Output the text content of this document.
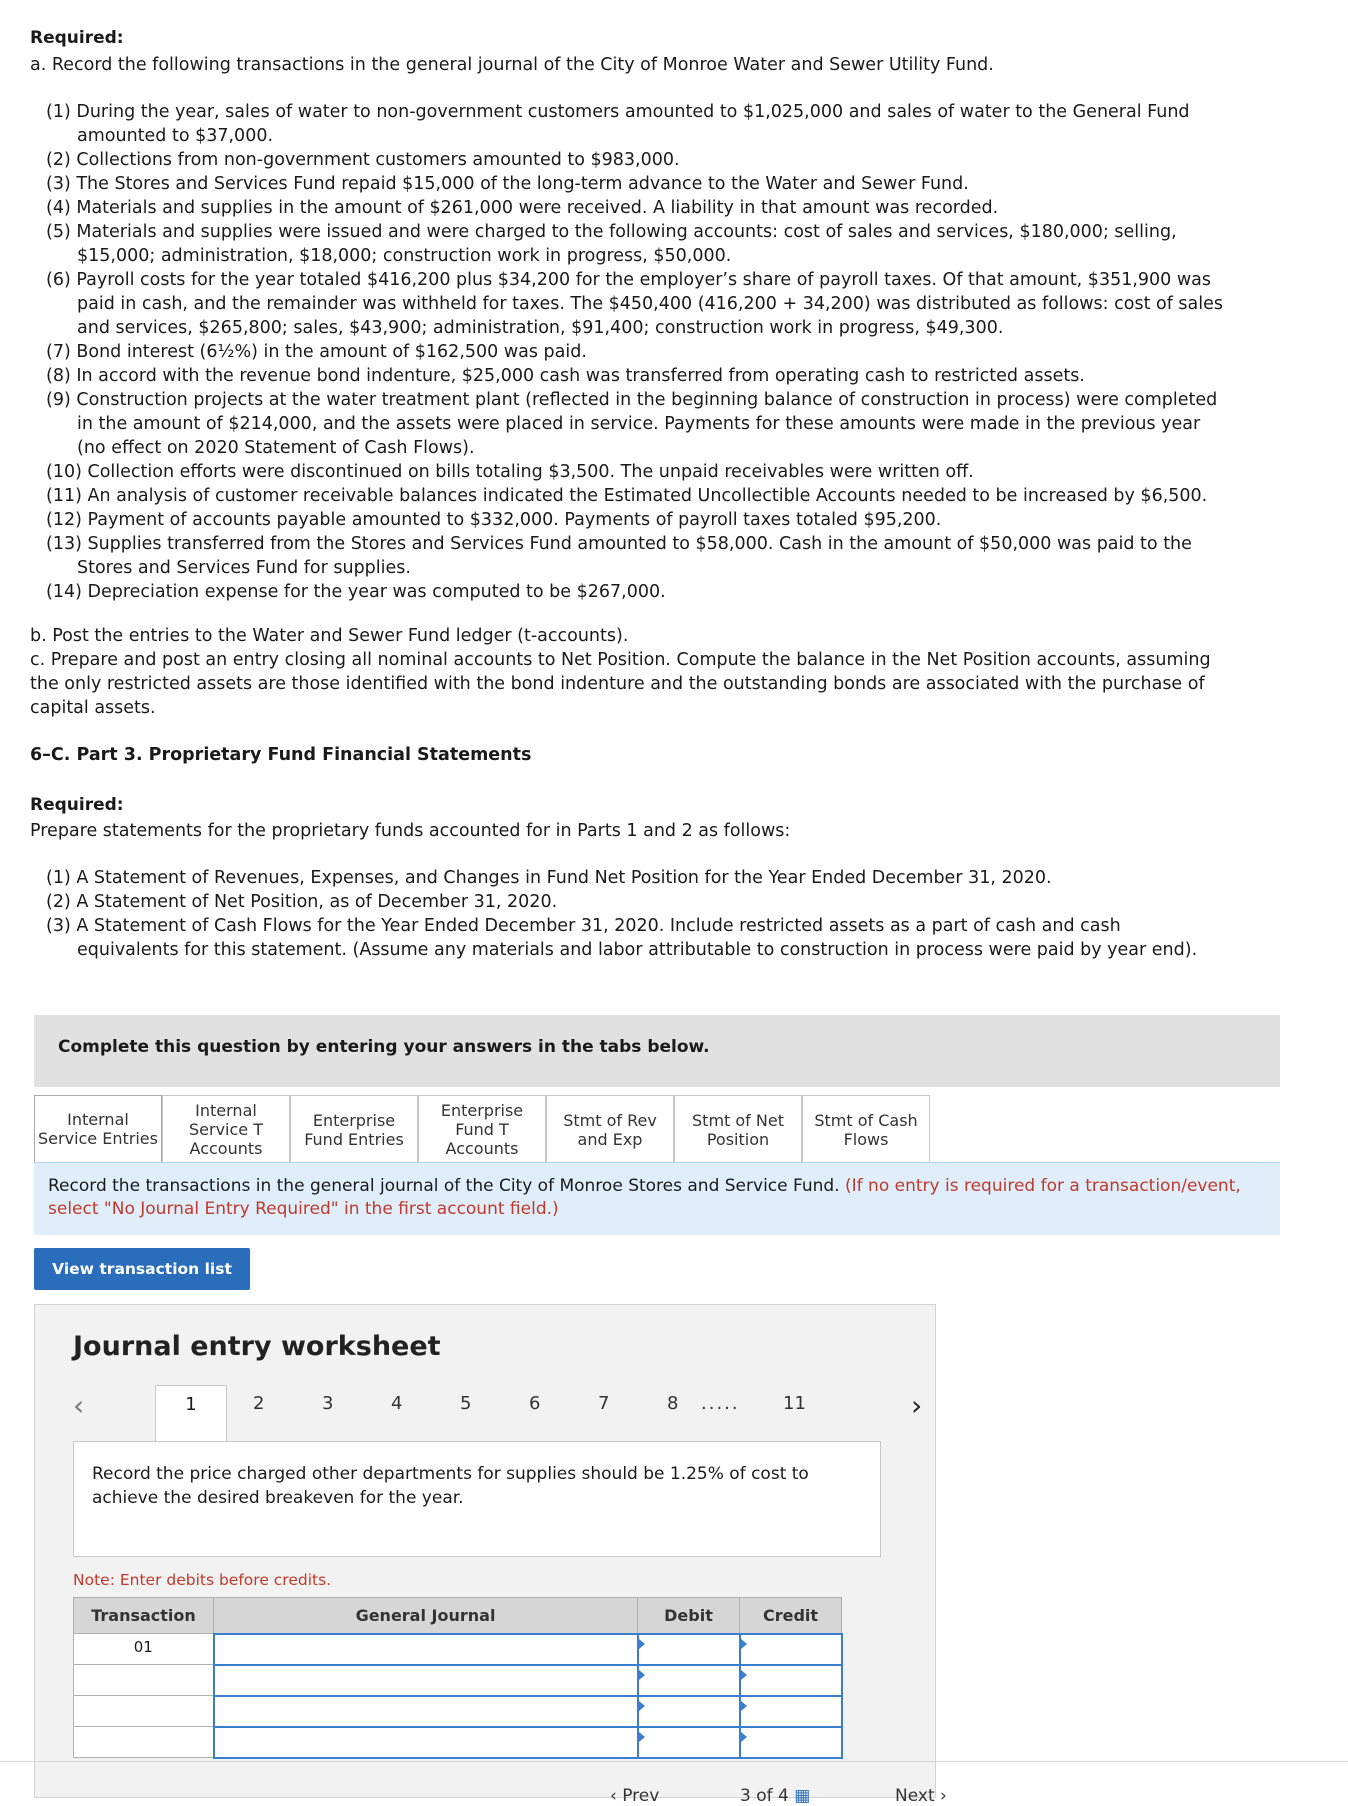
Required:
a. Record the following transactions in the general journal of the City of Monroe Water and Sewer Utility Fund.
(1) During the year, sales of water to non-government customers amounted to $1,025,000 and sales of water to the General Fund
amounted to $37,000.
(2) Collections from non-government customers amounted to $983,000.
(3) The Stores and Services Fund repaid $15,000 of the long-term advance to the Water and Sewer Fund.
(4) Materials and supplies in the amount of $261,000 were received. A liability in that amount was recorded.
(5) Materials and supplies were issued and were charged to the following accounts: cost of sales and services, $180,000; selling,
$15,000; administration, $18,000; construction work in progress, $50,000.
(6) Payroll costs for the year totaled $416,200 plus $34,200 for the employer’s share of payroll taxes. Of that amount, $351,900 was
paid in cash, and the remainder was withheld for taxes. The $450,400 (416,200 + 34,200) was distributed as follows: cost of sales
and services, $265,800; sales, $43,900; administration, $91,400; construction work in progress, $49,300.
(7) Bond interest (6½%) in the amount of $162,500 was paid.
(8) In accord with the revenue bond indenture, $25,000 cash was transferred from operating cash to restricted assets.
(9) Construction projects at the water treatment plant (reflected in the beginning balance of construction in process) were completed
in the amount of $214,000, and the assets were placed in service. Payments for these amounts were made in the previous year
(no effect on 2020 Statement of Cash Flows).
(10) Collection efforts were discontinued on bills totaling $3,500. The unpaid receivables were written off.
(11) An analysis of customer receivable balances indicated the Estimated Uncollectible Accounts needed to be increased by $6,500.
(12) Payment of accounts payable amounted to $332,000. Payments of payroll taxes totaled $95,200.
(13) Supplies transferred from the Stores and Services Fund amounted to $58,000. Cash in the amount of $50,000 was paid to the
Stores and Services Fund for supplies.
(14) Depreciation expense for the year was computed to be $267,000.
b. Post the entries to the Water and Sewer Fund ledger (t-accounts).
c. Prepare and post an entry closing all nominal accounts to Net Position. Compute the balance in the Net Position accounts, assuming
the only restricted assets are those identified with the bond indenture and the outstanding bonds are associated with the purchase of
capital assets.
6–C. Part 3. Proprietary Fund Financial Statements
Required:
Prepare statements for the proprietary funds accounted for in Parts 1 and 2 as follows:
(1) A Statement of Revenues, Expenses, and Changes in Fund Net Position for the Year Ended December 31, 2020.
(2) A Statement of Net Position, as of December 31, 2020.
(3) A Statement of Cash Flows for the Year Ended December 31, 2020. Include restricted assets as a part of cash and cash
equivalents for this statement. (Assume any materials and labor attributable to construction in process were paid by year end).
Complete this question by entering your answers in the tabs below.
Internal
Service Entries
Internal
Service T
Accounts
Enterprise
Fund Entries
Enterprise
Fund T
Accounts
Stmt of Rev
and Exp
Stmt of Net
Position
Stmt of Cash
Flows
Record the transactions in the general journal of the City of Monroe Stores and Service Fund. (If no entry is required for a transaction/event, select "No Journal Entry Required" in the first account field.)
View transaction list
Journal entry worksheet
‹	1	2	3	4	5	6	7	8 ..... 11	›
Record the price charged other departments for supplies should be 1.25% of cost to achieve the desired breakeven for the year.
Note: Enter debits before credits.
Transaction	General Journal	Debit	Credit
01			

‹ Prev	3 of 4 ▦	Next ›
